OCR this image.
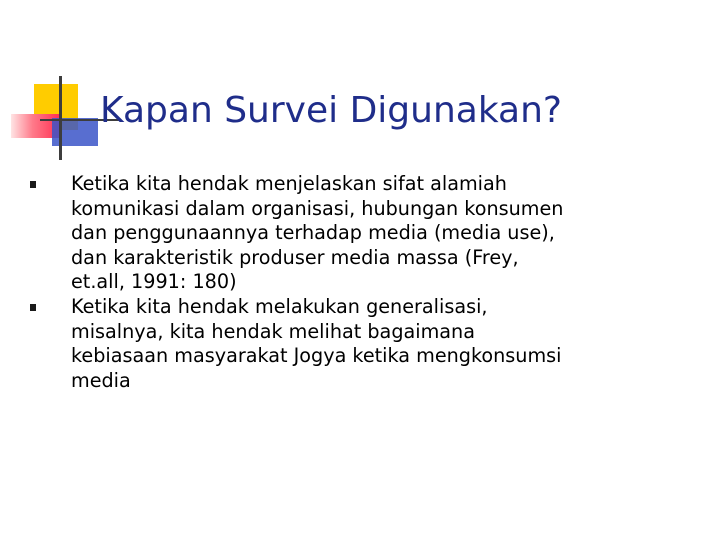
Kapan Survei Digunakan?
Ketika kita hendak menjelaskan sifat alamiah
komunikasi dalam organisasi, hubungan konsumen
dan penggunaannya terhadap media (media use),
dan karakteristik produser media massa (Frey,
et.all, 1991: 180)
Ketika kita hendak melakukan generalisasi,
misalnya, kita hendak melihat bagaimana
kebiasaan masyarakat Jogya ketika mengkonsumsi
media
